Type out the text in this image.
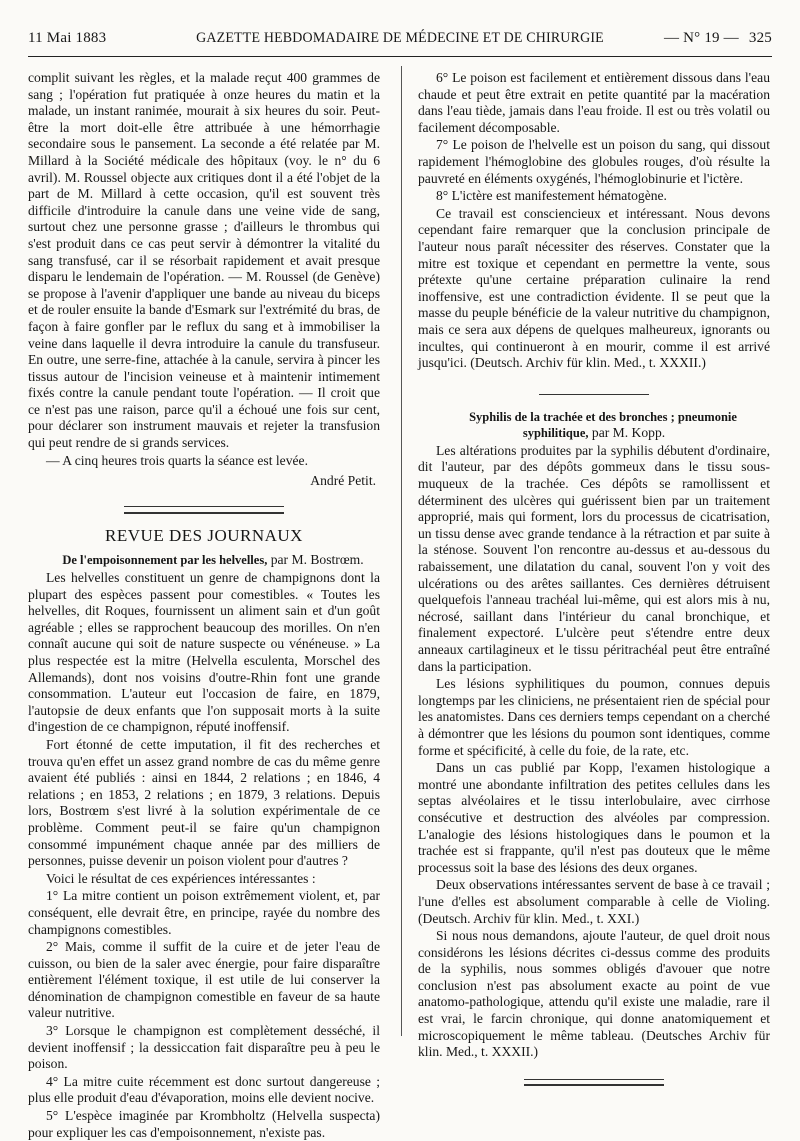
11 Mai 1883	GAZETTE HEBDOMADAIRE DE MÉDECINE ET DE CHIRURGIE	— N° 19 — 325

complit suivant les règles, et la malade reçut 400 grammes de sang ; l'opération fut pratiquée à onze heures du matin et la malade, un instant ranimée, mourait à six heures du soir. Peut-être la mort doit-elle être attribuée à une hémorrhagie secondaire sous le pansement. La seconde a été relatée par M. Millard à la Société médicale des hôpitaux (voy. le n° du 6 avril). M. Roussel objecte aux critiques dont il a été l'objet de la part de M. Millard à cette occasion, qu'il est souvent très difficile d'introduire la canule dans une veine vide de sang, surtout chez une personne grasse ; d'ailleurs le thrombus qui s'est produit dans ce cas peut servir à démontrer la vitalité du sang transfusé, car il se résorbait rapidement et avait presque disparu le lendemain de l'opération. — M. Roussel (de Genève) se propose à l'avenir d'appliquer une bande au niveau du biceps et de rouler ensuite la bande d'Esmark sur l'extrémité du bras, de façon à faire gonfler par le reflux du sang et à immobiliser la veine dans laquelle il devra introduire la canule du transfuseur. En outre, une serre-fine, attachée à la canule, servira à pincer les tissus autour de l'incision veineuse et à maintenir intimement fixés contre la canule pendant toute l'opération. — Il croit que ce n'est pas une raison, parce qu'il a échoué une fois sur cent, pour déclarer son instrument mauvais et rejeter la transfusion qui peut rendre de si grands services.

— A cinq heures trois quarts la séance est levée.

André Petit.
REVUE DES JOURNAUX

De l'empoisonnement par les helvelles, par M. Bostrœm.

Les helvelles constituent un genre de champignons dont la plupart des espèces passent pour comestibles. « Toutes les helvelles, dit Roques, fournissent un aliment sain et d'un goût agréable ; elles se rapprochent beaucoup des morilles. On n'en connaît aucune qui soit de nature suspecte ou vénéneuse. » La plus respectée est la mitre (Helvella esculenta, Morschel des Allemands), dont nos voisins d'outre-Rhin font une grande consommation. L'auteur eut l'occasion de faire, en 1879, l'autopsie de deux enfants que l'on supposait morts à la suite d'ingestion de ce champignon, réputé inoffensif.

Fort étonné de cette imputation, il fit des recherches et trouva qu'en effet un assez grand nombre de cas du même genre avaient été publiés : ainsi en 1844, 2 relations ; en 1846, 4 relations ; en 1853, 2 relations ; en 1879, 3 relations. Depuis lors, Bostrœm s'est livré à la solution expérimentale de ce problème. Comment peut-il se faire qu'un champignon consommé impunément chaque année par des milliers de personnes, puisse devenir un poison violent pour d'autres ?

Voici le résultat de ces expériences intéressantes :

1° La mitre contient un poison extrêmement violent, et, par conséquent, elle devrait être, en principe, rayée du nombre des champignons comestibles.

2° Mais, comme il suffit de la cuire et de jeter l'eau de cuisson, ou bien de la saler avec énergie, pour faire disparaître entièrement l'élément toxique, il est utile de lui conserver la dénomination de champignon comestible en faveur de sa haute valeur nutritive.

3° Lorsque le champignon est complètement desséché, il devient inoffensif ; la dessiccation fait disparaître peu à peu le poison.

4° La mitre cuite récemment est donc surtout dangereuse ; plus elle produit d'eau d'évaporation, moins elle devient nocive.

5° L'espèce imaginée par Krombholtz (Helvella suspecta) pour expliquer les cas d'empoisonnement, n'existe pas.

6° Le poison est facilement et entièrement dissous dans l'eau chaude et peut être extrait en petite quantité par la macération dans l'eau tiède, jamais dans l'eau froide. Il est ou très volatil ou facilement décomposable.

7° Le poison de l'helvelle est un poison du sang, qui dissout rapidement l'hémoglobine des globules rouges, d'où résulte la pauvreté en éléments oxygénés, l'hémoglobinurie et l'ictère.

8° L'ictère est manifestement hématogène.

Ce travail est consciencieux et intéressant. Nous devons cependant faire remarquer que la conclusion principale de l'auteur nous paraît nécessiter des réserves. Constater que la mitre est toxique et cependant en permettre la vente, sous prétexte qu'une certaine préparation culinaire la rend inoffensive, est une contradiction évidente. Il se peut que la masse du peuple bénéficie de la valeur nutritive du champignon, mais ce sera aux dépens de quelques malheureux, ignorants ou incultes, qui continueront à en mourir, comme il est arrivé jusqu'ici. (Deutsch. Archiv für klin. Med., t. XXXII.)

Syphilis de la trachée et des bronches ; pneumonie syphilitique, par M. Kopp.

Les altérations produites par la syphilis débutent d'ordinaire, dit l'auteur, par des dépôts gommeux dans le tissu sous-muqueux de la trachée. Ces dépôts se ramollissent et déterminent des ulcères qui guérissent bien par un traitement approprié, mais qui forment, lors du processus de cicatrisation, un tissu dense avec grande tendance à la rétraction et par suite à la sténose. Souvent l'on rencontre au-dessus et au-dessous du rabaissement, une dilatation du canal, souvent l'on y voit des ulcérations ou des arêtes saillantes. Ces dernières détruisent quelquefois l'anneau trachéal lui-même, qui est alors mis à nu, nécrosé, saillant dans l'intérieur du canal bronchique, et finalement expectoré. L'ulcère peut s'étendre entre deux anneaux cartilagineux et le tissu péritrachéal peut être entraîné dans la participation.

Les lésions syphilitiques du poumon, connues depuis longtemps par les cliniciens, ne présentaient rien de spécial pour les anatomistes. Dans ces derniers temps cependant on a cherché à démontrer que les lésions du poumon sont identiques, comme forme et spécificité, à celle du foie, de la rate, etc.

Dans un cas publié par Kopp, l'examen histologique a montré une abondante infiltration des petites cellules dans les septas alvéolaires et le tissu interlobulaire, avec cirrhose consécutive et destruction des alvéoles par compression. L'analogie des lésions histologiques dans le poumon et la trachée est si frappante, qu'il n'est pas douteux que le même processus soit la base des lésions des deux organes.

Deux observations intéressantes servent de base à ce travail ; l'une d'elles est absolument comparable à celle de Violing. (Deutsch. Archiv für klin. Med., t. XXI.)

Si nous nous demandons, ajoute l'auteur, de quel droit nous considérons les lésions décrites ci-dessus comme des produits de la syphilis, nous sommes obligés d'avouer que notre conclusion n'est pas absolument exacte au point de vue anatomo-pathologique, attendu qu'il existe une maladie, rare il est vrai, le farcin chronique, qui donne anatomiquement et microscopiquement le même tableau. (Deutsches Archiv für klin. Med., t. XXXII.)
